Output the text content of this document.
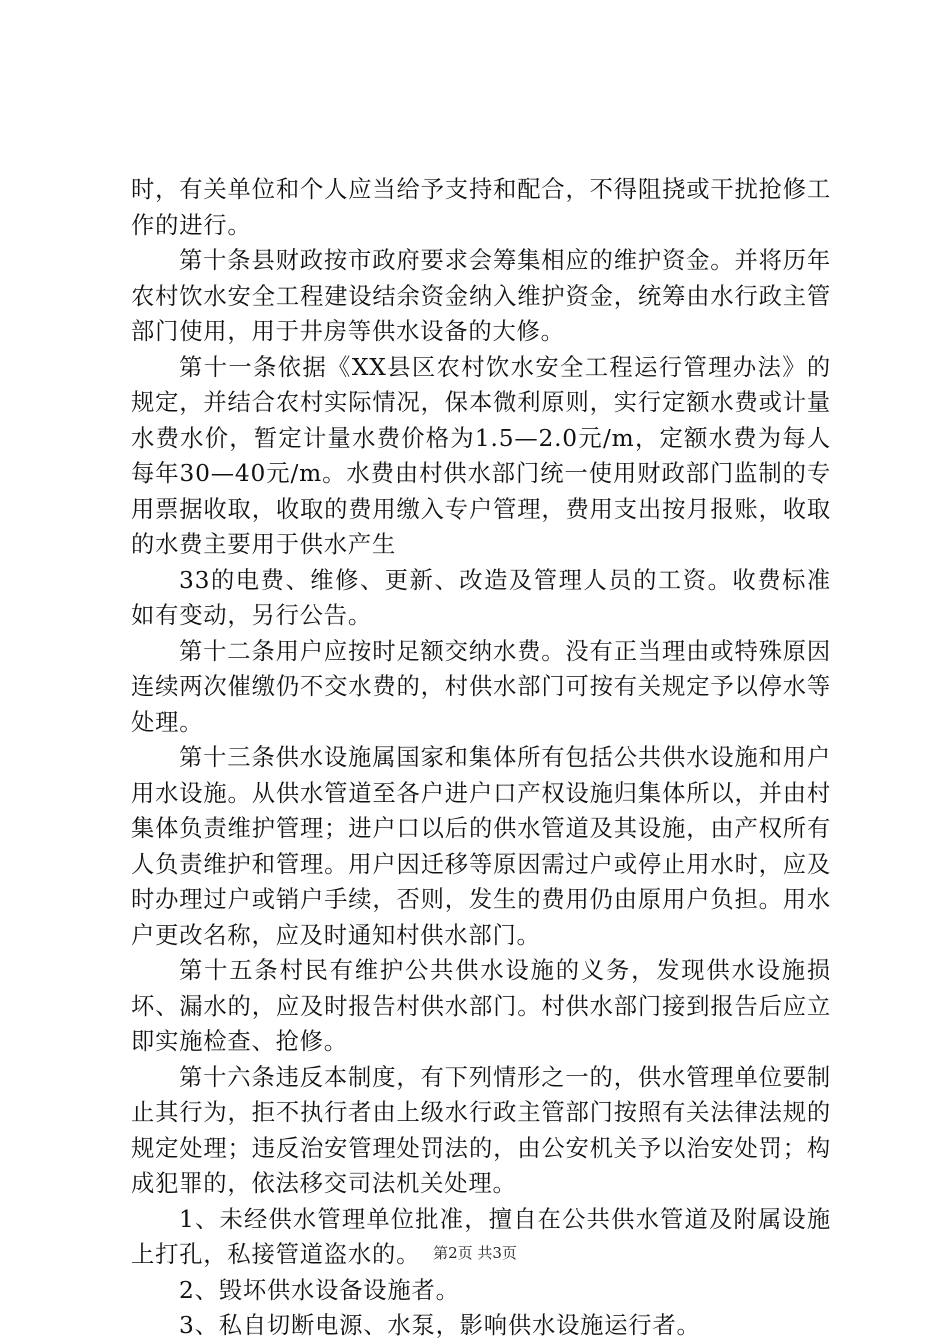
时，有关单位和个人应当给予支持和配合，不得阻挠或干扰抢修工作的进行。

第十条县财政按市政府要求会筹集相应的维护资金。并将历年农村饮水安全工程建设结余资金纳入维护资金，统筹由水行政主管部门使用，用于井房等供水设备的大修。

第十一条依据《XX县区农村饮水安全工程运行管理办法》的规定，并结合农村实际情况，保本微利原则，实行定额水费或计量水费水价，暂定计量水费价格为1.5—2.0元/m，定额水费为每人每年30—40元/m。水费由村供水部门统一使用财政部门监制的专用票据收取，收取的费用缴入专户管理，费用支出按月报账，收取的水费主要用于供水产生

33的电费、维修、更新、改造及管理人员的工资。收费标准如有变动，另行公告。

第十二条用户应按时足额交纳水费。没有正当理由或特殊原因连续两次催缴仍不交水费的，村供水部门可按有关规定予以停水等处理。

第十三条供水设施属国家和集体所有包括公共供水设施和用户用水设施。从供水管道至各户进户口产权设施归集体所以，并由村集体负责维护管理；进户口以后的供水管道及其设施，由产权所有人负责维护和管理。用户因迁移等原因需过户或停止用水时，应及时办理过户或销户手续，否则，发生的费用仍由原用户负担。用水户更改名称，应及时通知村供水部门。

第十五条村民有维护公共供水设施的义务，发现供水设施损坏、漏水的，应及时报告村供水部门。村供水部门接到报告后应立即实施检查、抢修。

第十六条违反本制度，有下列情形之一的，供水管理单位要制止其行为，拒不执行者由上级水行政主管部门按照有关法律法规的规定处理；违反治安管理处罚法的，由公安机关予以治安处罚；构成犯罪的，依法移交司法机关处理。

1、未经供水管理单位批准，擅自在公共供水管道及附属设施上打孔，私接管道盗水的。

2、毁坏供水设备设施者。

3、私自切断电源、水泵，影响供水设施运行者。

第2页 共3页
